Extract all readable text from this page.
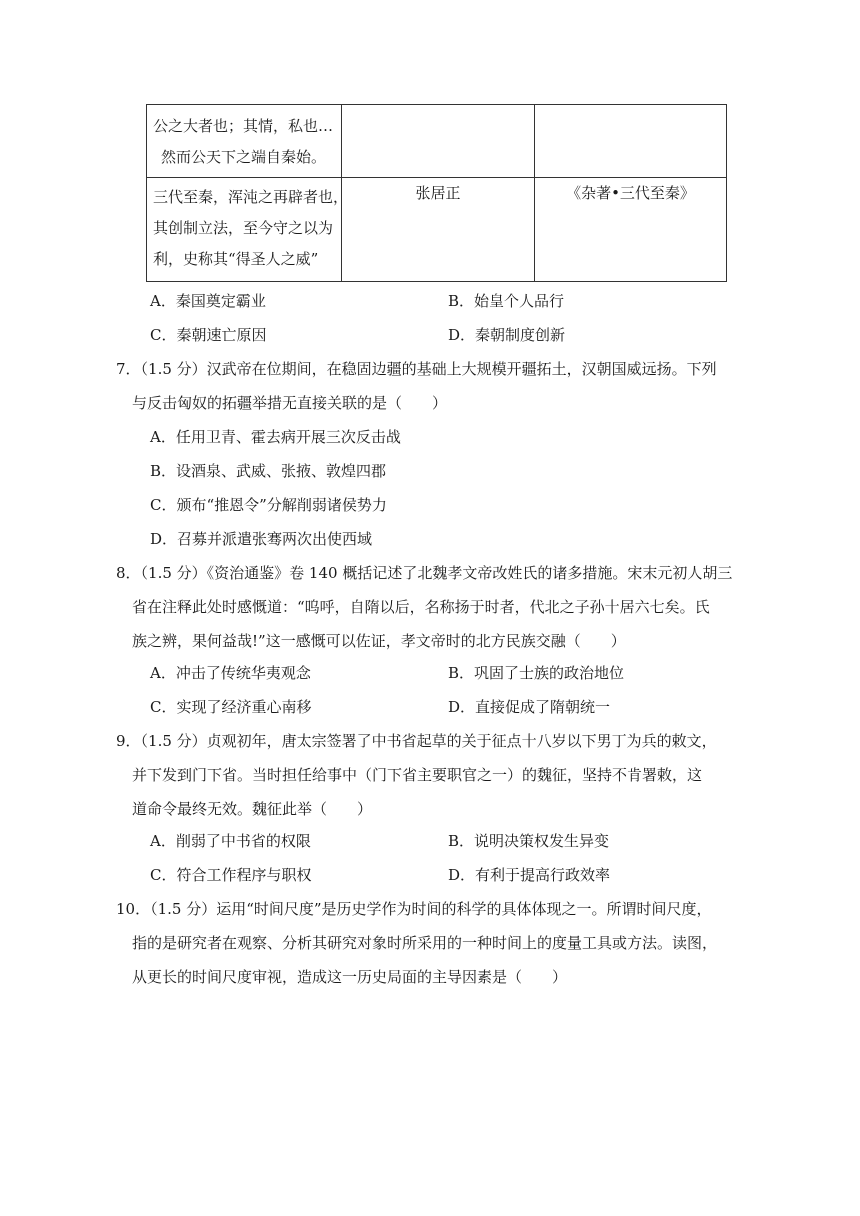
公之大者也；其情，私也…
然而公天下之端自秦始。		

三代至秦，浑沌之再辟者也，
其创制立法，至今守之以为
利，史称其“得圣人之威”	张居正	《杂著•三代至秦》
A．秦国奠定霸业	B．始皇个人品行
C．秦朝速亡原因	D．秦朝制度创新
7．（1.5 分）汉武帝在位期间，在稳固边疆的基础上大规模开疆拓土，汉朝国威远扬。下列
与反击匈奴的拓疆举措无直接关联的是（　　）
A．任用卫青、霍去病开展三次反击战
B．设酒泉、武威、张掖、敦煌四郡
C．颁布“推恩令”分解削弱诸侯势力
D．召募并派遣张骞两次出使西域
8．（1.5 分）《资治通鉴》卷 140 概括记述了北魏孝文帝改姓氏的诸多措施。宋末元初人胡三
省在注释此处时感慨道：“呜呼，自隋以后，名称扬于时者，代北之子孙十居六七矣。氏
族之辨，果何益哉!”这一感慨可以佐证，孝文帝时的北方民族交融（　　）
A．冲击了传统华夷观念	B．巩固了士族的政治地位
C．实现了经济重心南移	D．直接促成了隋朝统一
9．（1.5 分）贞观初年，唐太宗签署了中书省起草的关于征点十八岁以下男丁为兵的敕文，
并下发到门下省。当时担任给事中（门下省主要职官之一）的魏征，坚持不肯署敕，这
道命令最终无效。魏征此举（　　）
A．削弱了中书省的权限	B．说明决策权发生异变
C．符合工作程序与职权	D．有利于提高行政效率
10．（1.5 分）运用“时间尺度”是历史学作为时间的科学的具体体现之一。所谓时间尺度，
指的是研究者在观察、分析其研究对象时所采用的一种时间上的度量工具或方法。读图，
从更长的时间尺度审视，造成这一历史局面的主导因素是（　　）
